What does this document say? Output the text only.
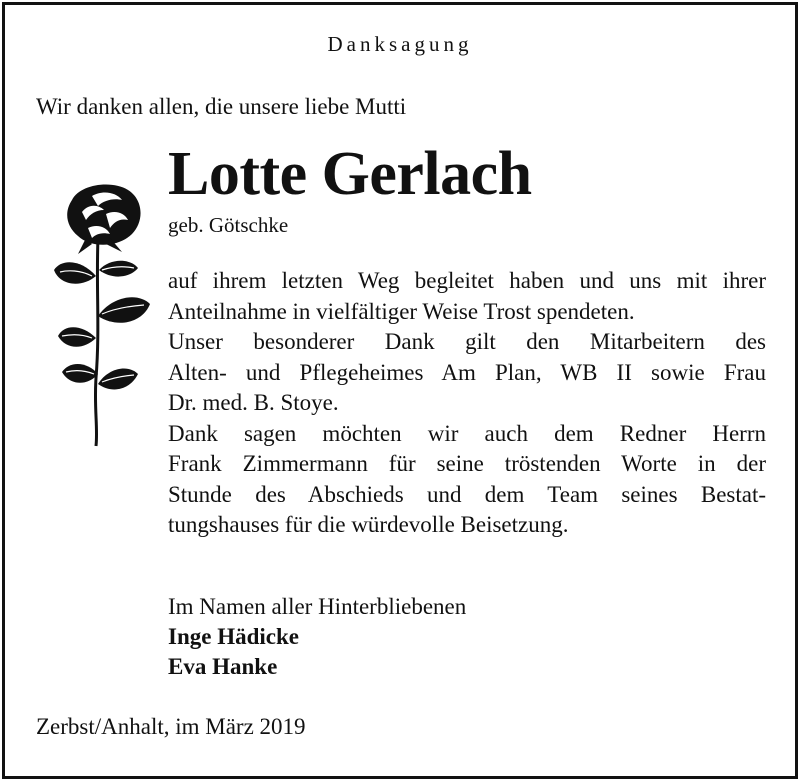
Danksagung
Wir danken allen, die unsere liebe Mutti
Lotte Gerlach
geb. Götschke
auf ihrem letzten Weg begleitet haben und uns mit ihrer
Anteilnahme in vielfältiger Weise Trost spendeten.
Unser besonderer Dank gilt den Mitarbeitern des
Alten- und Pflegeheimes Am Plan, WB II sowie Frau
Dr. med. B. Stoye.
Dank sagen möchten wir auch dem Redner Herrn
Frank Zimmermann für seine tröstenden Worte in der
Stunde des Abschieds und dem Team seines Bestat-
tungshauses für die würdevolle Beisetzung.
Im Namen aller Hinterbliebenen
Inge Hädicke
Eva Hanke
Zerbst/Anhalt, im März 2019
